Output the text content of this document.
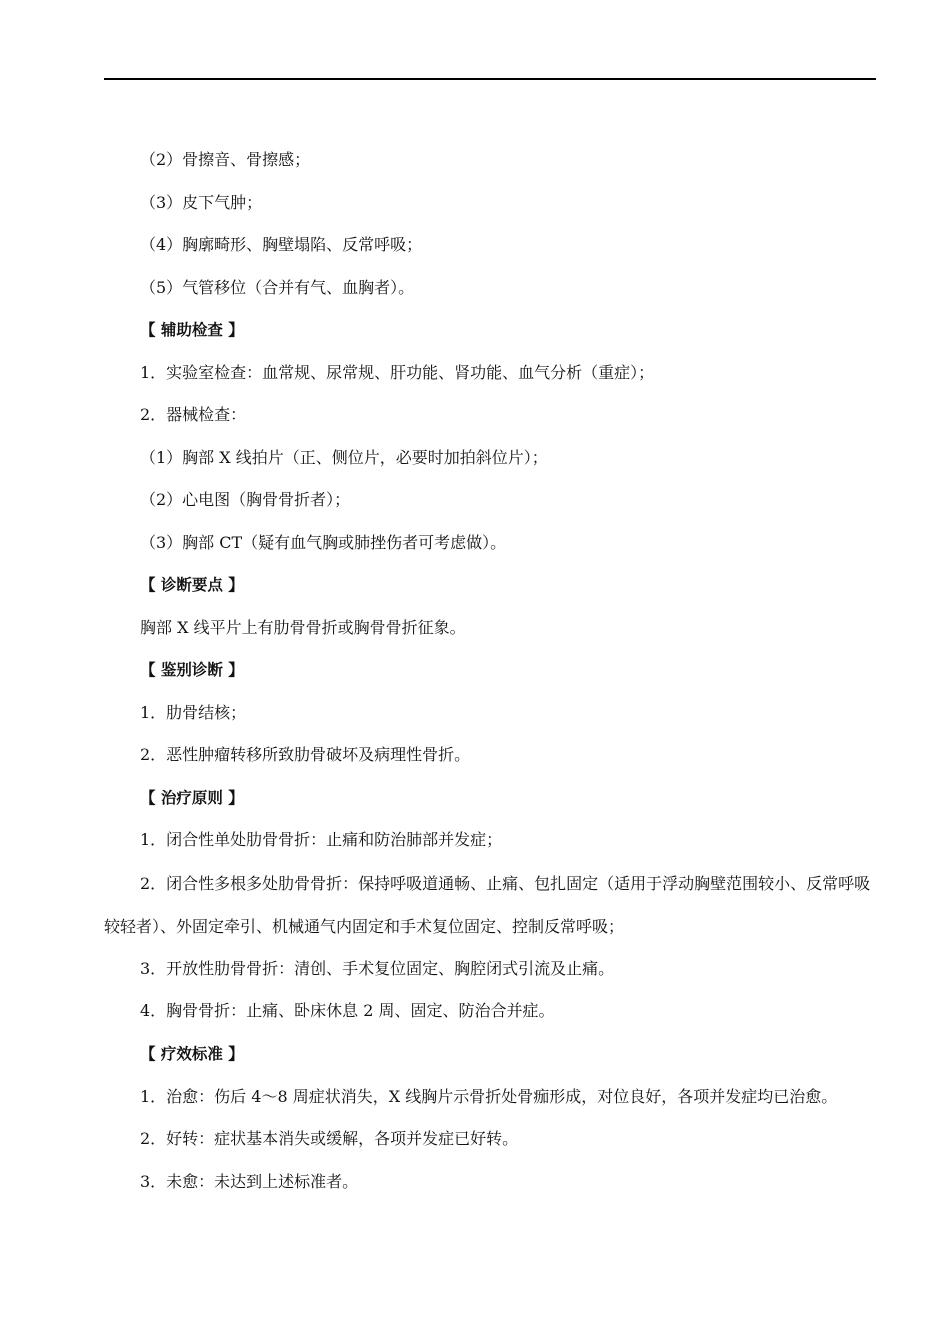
（2）骨擦音、骨擦感；

（3）皮下气肿；

（4）胸廓畸形、胸壁塌陷、反常呼吸；

（5）气管移位（合并有气、血胸者）。

【 辅助检查 】

1．实验室检查：血常规、尿常规、肝功能、肾功能、血气分析（重症）；

2．器械检查：

（1）胸部 X 线拍片（正、侧位片，必要时加拍斜位片）；

（2）心电图（胸骨骨折者）；

（3）胸部 CT（疑有血气胸或肺挫伤者可考虑做）。

【 诊断要点 】

胸部 X 线平片上有肋骨骨折或胸骨骨折征象。

【 鉴别诊断 】

1．肋骨结核；

2．恶性肿瘤转移所致肋骨破坏及病理性骨折。

【 治疗原则 】

1．闭合性单处肋骨骨折：止痛和防治肺部并发症；

2．闭合性多根多处肋骨骨折：保持呼吸道通畅、止痛、包扎固定（适用于浮动胸壁范围较小、反常呼吸较轻者）、外固定牵引、机械通气内固定和手术复位固定、控制反常呼吸；

3．开放性肋骨骨折：清创、手术复位固定、胸腔闭式引流及止痛。

4．胸骨骨折：止痛、卧床休息 2 周、固定、防治合并症。

【 疗效标准 】

1．治愈：伤后 4～8 周症状消失，X 线胸片示骨折处骨痂形成，对位良好，各项并发症均已治愈。

2．好转：症状基本消失或缓解，各项并发症已好转。

3．未愈：未达到上述标准者。
